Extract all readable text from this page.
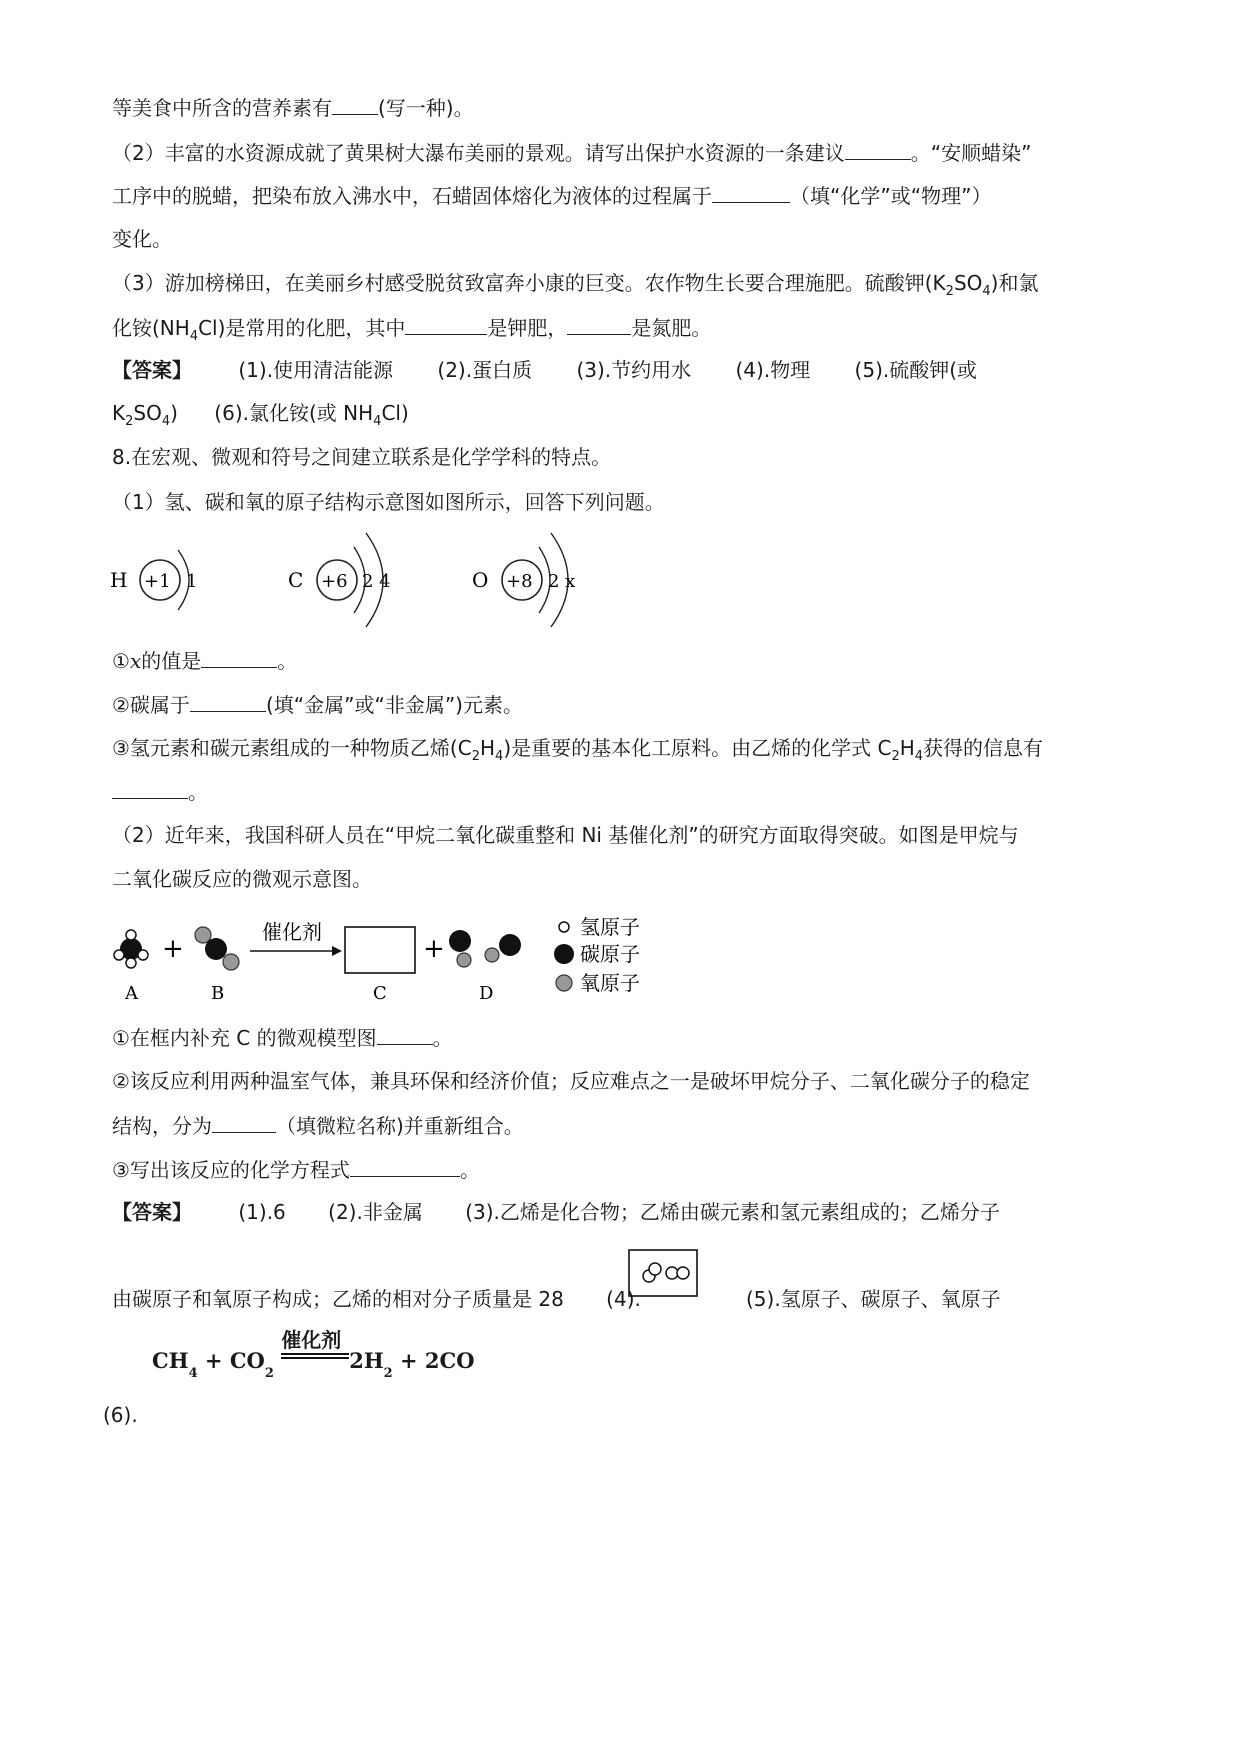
等美食中所含的营养素有 (写一种)。
（2）丰富的水资源成就了黄果树大瀑布美丽的景观。请写出保护水资源的一条建议	。“安顺蜡染”
工序中的脱蜡，把染布放入沸水中，石蜡固体熔化为液体的过程属于	（填“化学”或“物理”）
变化。
（3）游加榜梯田，在美丽乡村感受脱贫致富奔小康的巨变。农作物生长要合理施肥。硫酸钾$(K_2SO_4)$和氯
化铵$(NH_4Cl)$是常用的化肥，其中	是钾肥，	是氮肥。
【答案】 (1).使用清洁能源 (2).蛋白质 (3).节约用水 (4).物理 (5).硫酸钾(或
$K_2SO_4$) (6).氯化铵(或 $NH_4Cl$)
8.在宏观、微观和符号之间建立联系是化学学科的特点。
（1）氢、碳和氧的原子结构示意图如图所示，回答下列问题。
H +1 1	C +6 2 4	O +8 2 x
①x的值是	。
②碳属于	(填“金属”或“非金属”)元素。
③氢元素和碳元素组成的一种物质乙烯$(C_2H_4)$是重要的基本化工原料。由乙烯的化学式 $C_2H_4$获得的信息有
。
（2）近年来，我国科研人员在“甲烷二氧化碳重整和 Ni 基催化剂”的研究方面取得突破。如图是甲烷与
二氧化碳反应的微观示意图。
+
催化剂
+
A	B	C	D
氢原子
碳原子
氧原子
①在框内补充 C 的微观模型图	。
②该反应利用两种温室气体，兼具环保和经济价值；反应难点之一是破坏甲烷分子、二氧化碳分子的稳定
结构，分为	（填微粒名称)并重新组合。
③写出该反应的化学方程式	。
【答案】 (1).6 (2).非金属 (3).乙烯是化合物；乙烯由碳元素和氢元素组成的；乙烯分子
由碳原子和氧原子构成；乙烯的相对分子质量是 28 (4).	(5).氢原子、碳原子、氧原子
$CH_4 + CO_2$
催化剂
$2H_2 + 2CO$
(6).
